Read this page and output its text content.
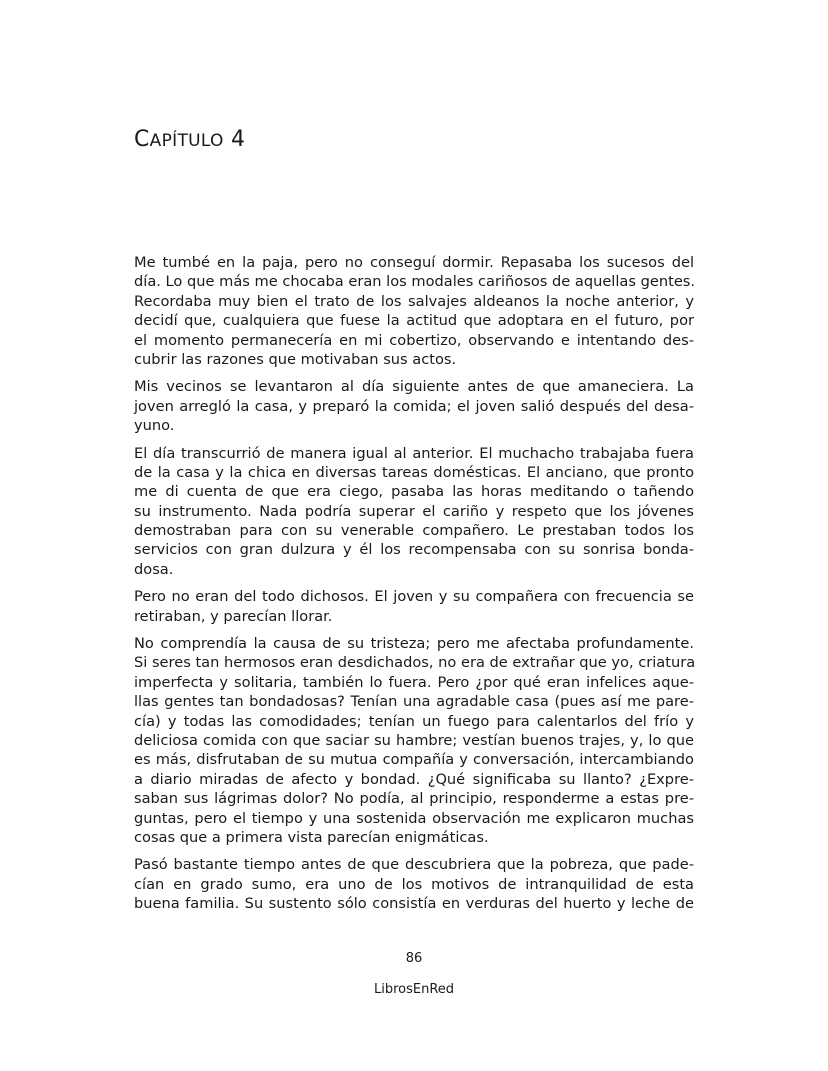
CAPÍTULO 4

Me tumbé en la paja, pero no conseguí dormir. Repasaba los sucesos del
día. Lo que más me chocaba eran los modales cariñosos de aquellas gentes.
Recordaba muy bien el trato de los salvajes aldeanos la noche anterior, y
decidí que, cualquiera que fuese la actitud que adoptara en el futuro, por
el momento permanecería en mi cobertizo, observando e intentando des-
cubrir las razones que motivaban sus actos.

Mis vecinos se levantaron al día siguiente antes de que amaneciera. La
joven arregló la casa, y preparó la comida; el joven salió después del desa-
yuno.

El día transcurrió de manera igual al anterior. El muchacho trabajaba fuera
de la casa y la chica en diversas tareas domésticas. El anciano, que pronto
me di cuenta de que era ciego, pasaba las horas meditando o tañendo
su instrumento. Nada podría superar el cariño y respeto que los jóvenes
demostraban para con su venerable compañero. Le prestaban todos los
servicios con gran dulzura y él los recompensaba con su sonrisa bonda-
dosa.

Pero no eran del todo dichosos. El joven y su compañera con frecuencia se
retiraban, y parecían llorar.

No comprendía la causa de su tristeza; pero me afectaba profundamente.
Si seres tan hermosos eran desdichados, no era de extrañar que yo, criatura
imperfecta y solitaria, también lo fuera. Pero ¿por qué eran infelices aque-
llas gentes tan bondadosas? Tenían una agradable casa (pues así me pare-
cía) y todas las comodidades; tenían un fuego para calentarlos del frío y
deliciosa comida con que saciar su hambre; vestían buenos trajes, y, lo que
es más, disfrutaban de su mutua compañía y conversación, intercambiando
a diario miradas de afecto y bondad. ¿Qué significaba su llanto? ¿Expre-
saban sus lágrimas dolor? No podía, al principio, responderme a estas pre-
guntas, pero el tiempo y una sostenida observación me explicaron muchas
cosas que a primera vista parecían enigmáticas.

Pasó bastante tiempo antes de que descubriera que la pobreza, que pade-
cían en grado sumo, era uno de los motivos de intranquilidad de esta
buena familia. Su sustento sólo consistía en verduras del huerto y leche de

86
LibrosEnRed
